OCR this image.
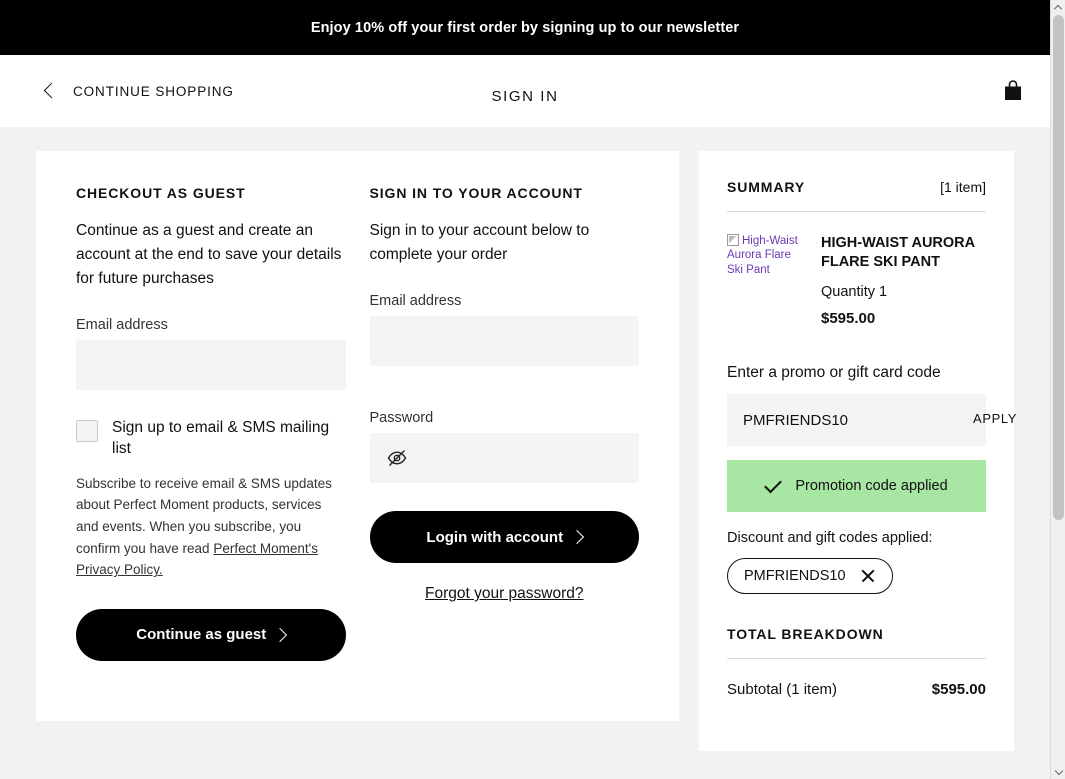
Enjoy 10% off your first order by signing up to our newsletter
CONTINUE SHOPPING	SIGN IN
CHECKOUT AS GUEST

Continue as a guest and create an account at the end to save your details for future purchases

Email address
Sign up to email & SMS mailing list
Subscribe to receive email & SMS updates about Perfect Moment products, services and events. When you subscribe, you confirm you have read Perfect Moment's Privacy Policy.
Continue as guest
SIGN IN TO YOUR ACCOUNT

Sign in to your account below to complete your order

Email address
Password
Login with account
Forgot your password?
SUMMARY	[1 item]
High-Waist Aurora Flare Ski Pant
HIGH-WAIST AURORA FLARE SKI PANT
Quantity 1
$595.00
Enter a promo or gift card code
PMFRIENDS10
APPLY
Promotion code applied
Discount and gift codes applied:
PMFRIENDS10
TOTAL BREAKDOWN
Subtotal (1 item)	$595.00
